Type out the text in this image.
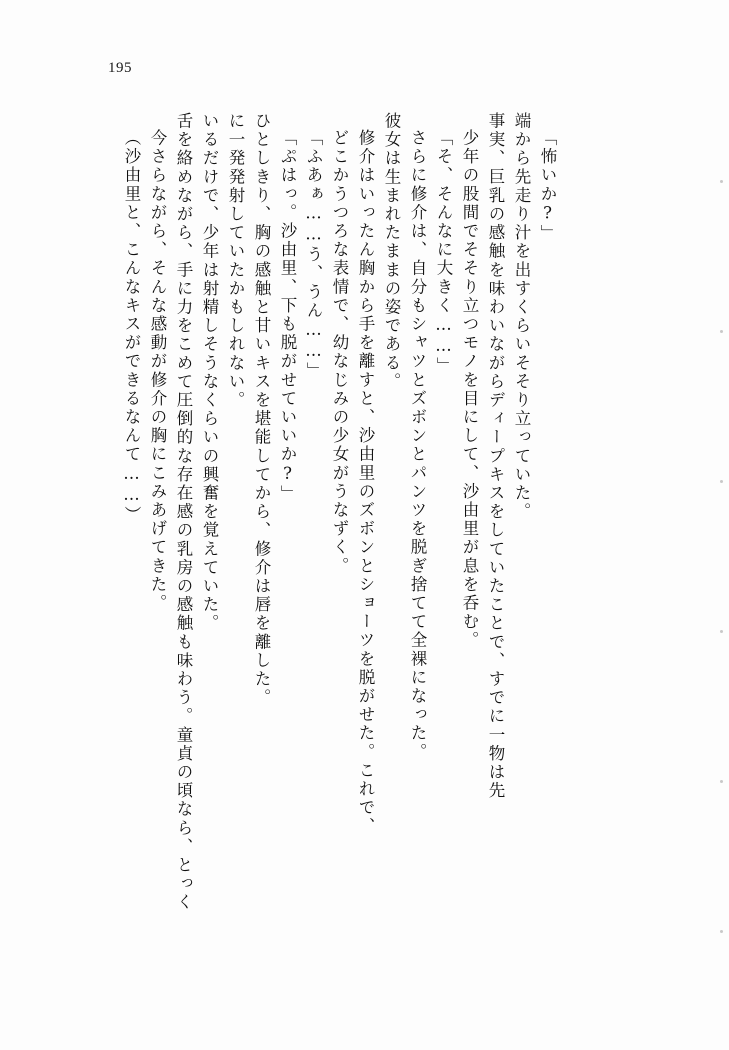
195
（沙由里と、こんなキスができるなんて……） 今さらながら、そんな感動が修介の胸にこみあげてきた。 舌を絡めながら、手に力をこめて圧倒的な存在感の乳房の感触も味わう。童貞の頃なら、とっく いるだけで、少年は射精しそうなくらいの興奮を覚えていた。 に一発発射していたかもしれない。 ひとしきり、胸の感触と甘いキスを堪能してから、修介は唇を離した。 「ぷはっ。沙由里、下も脱がせていいか?」 「ふあぁ……う、うん……」 どこかうつろな表情で、幼なじみの少女がうなずく。 修介はいったん胸から手を離すと、沙由里のズボンとショーツを脱がせた。これで、 彼女は生まれたままの姿である。 さらに修介は、自分もシャツとズボンとパンツを脱ぎ捨てて全裸になった。 「そ、そんなに大きく……」 少年の股間でそそり立つモノを目にして、沙由里が息を呑む。 事実、巨乳の感触を味わいながらディープキスをしていたことで、すでに一物は先 端から先走り汁を出すくらいそそり立っていた。 「怖いか?」
